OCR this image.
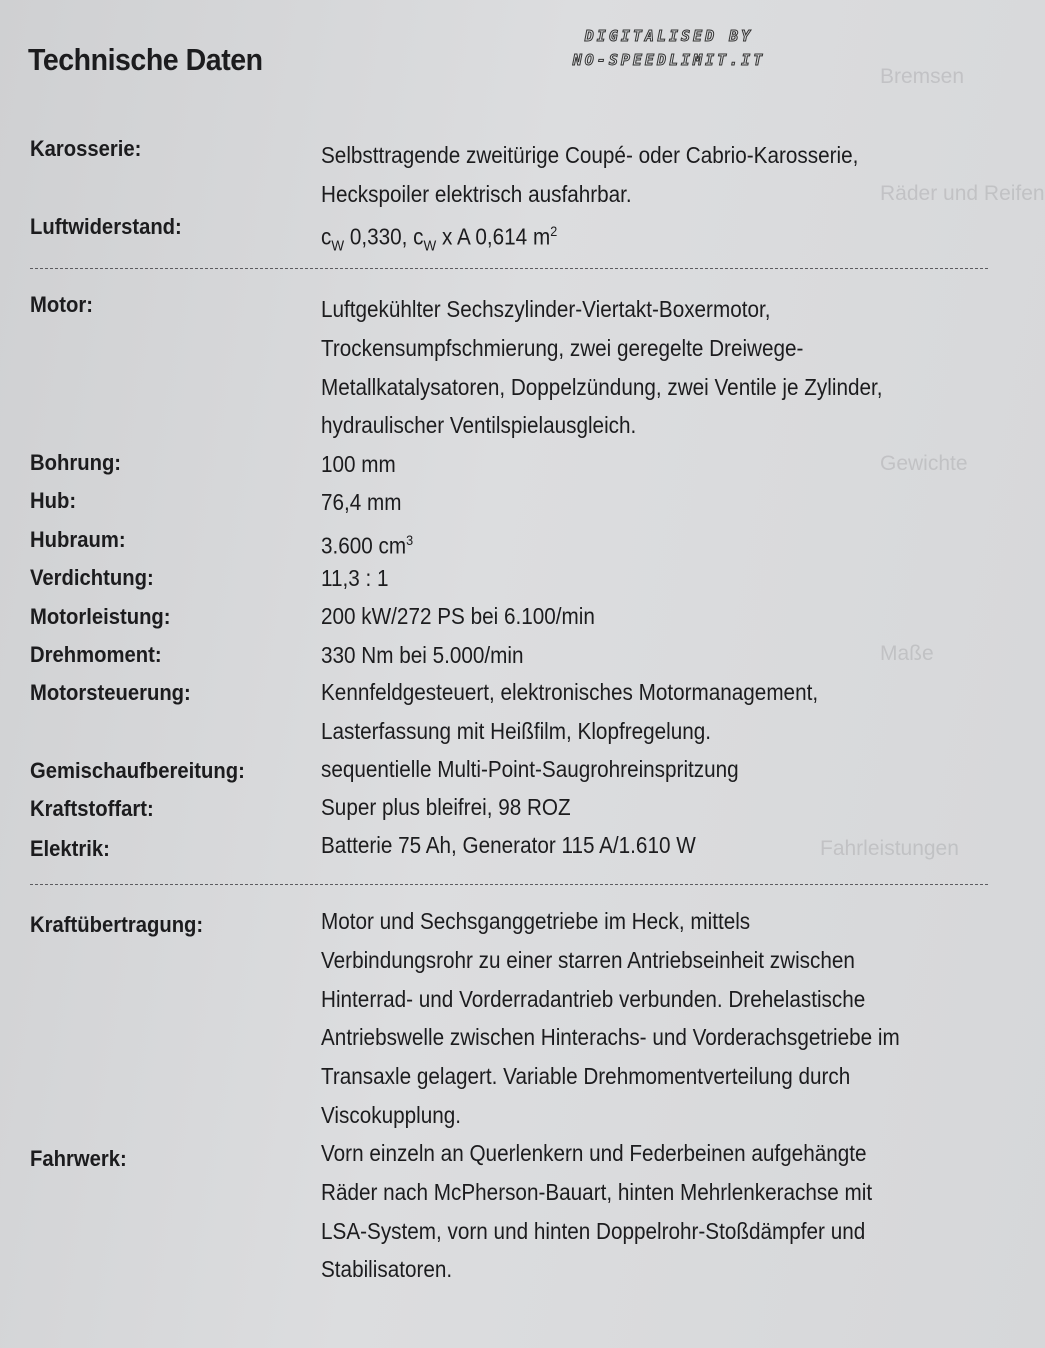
Bremsen
Räder und Reifen
Gewichte
Maße
Fahrleistungen
DIGITALISED BY
NO-SPEEDLIMIT.IT
Technische Daten
Karosserie:	Selbsttragende zweitürige Coupé- oder Cabrio-Karosserie,
Heckspoiler elektrisch ausfahrbar.
Luftwiderstand:	$c_W$ 0,330, $c_W$ x A 0,614 $m^2$
Motor:	Luftgekühlter Sechszylinder-Viertakt-Boxermotor,
Trockensumpfschmierung, zwei geregelte Dreiwege-
Metallkatalysatoren, Doppelzündung, zwei Ventile je Zylinder,
hydraulischer Ventilspielausgleich.
Bohrung:	100 mm
Hub:	76,4 mm
Hubraum:	3.600 $cm^3$
Verdichtung:	11,3 : 1
Motorleistung:	200 kW/272 PS bei 6.100/min
Drehmoment:	330 Nm bei 5.000/min
Motorsteuerung:	Kennfeldgesteuert, elektronisches Motormanagement,
Lasterfassung mit Heißfilm, Klopfregelung.
Gemischaufbereitung:	sequentielle Multi-Point-Saugrohreinspritzung
Kraftstoffart:	Super plus bleifrei, 98 ROZ
Elektrik:	Batterie 75 Ah, Generator 115 A/1.610 W
Kraftübertragung:	Motor und Sechsganggetriebe im Heck, mittels
Verbindungsrohr zu einer starren Antriebseinheit zwischen
Hinterrad- und Vorderradantrieb verbunden. Drehelastische
Antriebswelle zwischen Hinterachs- und Vorderachsgetriebe im
Transaxle gelagert. Variable Drehmomentverteilung durch
Viscokupplung.
Fahrwerk:	Vorn einzeln an Querlenkern und Federbeinen aufgehängte
Räder nach McPherson-Bauart, hinten Mehrlenkerachse mit
LSA-System, vorn und hinten Doppelrohr-Stoßdämpfer und
Stabilisatoren.
